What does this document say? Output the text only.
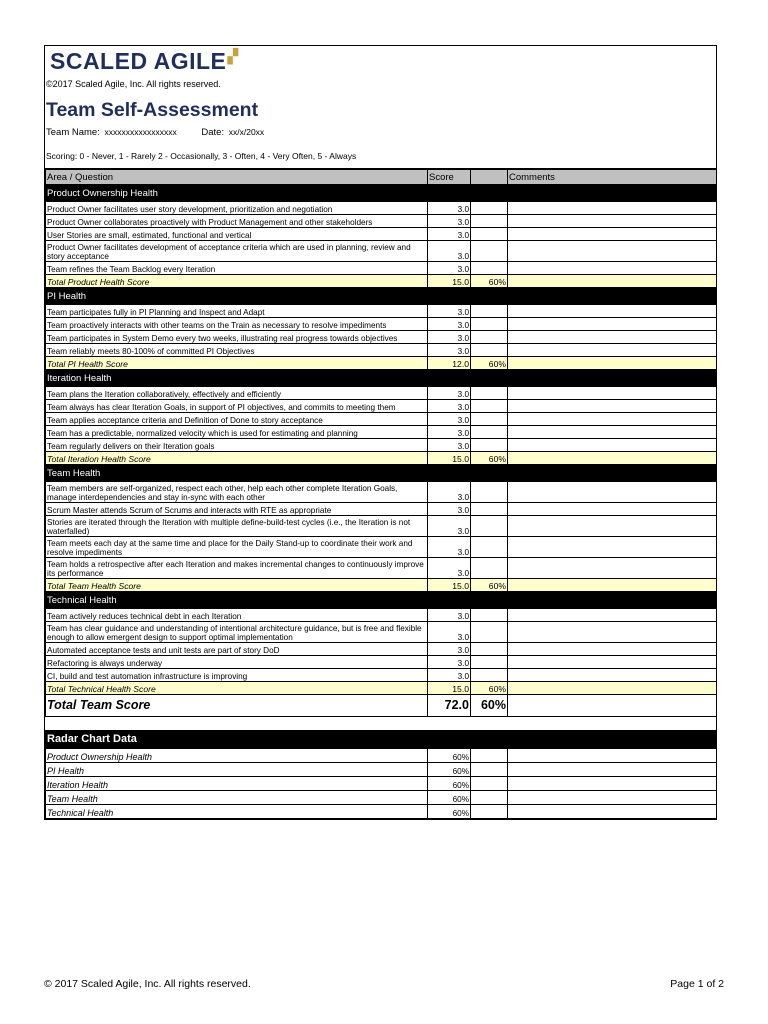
SCALED AGILE▞
©2017 Scaled Agile, Inc. All rights reserved.
Team Self-Assessment
Team Name: xxxxxxxxxxxxxxxxx	Date: xx/x/20xx
Scoring: 0 - Never, 1 - Rarely 2 - Occasionally, 3 - Often, 4 - Very Often, 5 - Always
Area / Question	Score		Comments
Product Ownership Health			
Product Owner facilitates user story development, prioritization and negotiation	3.0		
Product Owner collaborates proactively with Product Management and other stakeholders	3.0		
User Stories are small, estimated, functional and vertical	3.0		
Product Owner facilitates development of acceptance criteria which are used in planning, review and story acceptance	3.0		
Team refines the Team Backlog every Iteration	3.0		
Total Product Health Score	15.0	60%	
PI Health			
Team participates fully in PI Planning and Inspect and Adapt	3.0		
Team proactively interacts with other teams on the Train as necessary to resolve impediments	3.0		
Team participates in System Demo every two weeks, illustrating real progress towards objectives	3.0		
Team reliably meets 80-100% of committed PI Objectives	3.0		
Total PI Health Score	12.0	60%	
Iteration Health			
Team plans the Iteration collaboratively, effectively and efficiently	3.0		
Team always has clear Iteration Goals, in support of PI objectives, and commits to meeting them	3.0		
Team applies acceptance criteria and Definition of Done to story acceptance	3.0		
Team has a predictable, normalized velocity which is used for estimating and planning	3.0		
Team regularly delivers on their Iteration goals	3.0		
Total Iteration Health Score	15.0	60%	
Team Health			
Team members are self-organized, respect each other, help each other complete Iteration Goals, manage interdependencies and stay in-sync with each other	3.0		
Scrum Master attends Scrum of Scrums and interacts with RTE as appropriate	3.0		
Stories are iterated through the Iteration with multiple define-build-test cycles (i.e., the Iteration is not waterfalled)	3.0		
Team meets each day at the same time and place for the Daily Stand-up to coordinate their work and resolve impediments	3.0		
Team holds a retrospective after each Iteration and makes incremental changes to continuously improve its performance	3.0		
Total Team Health Score	15.0	60%	
Technical Health			
Team actively reduces technical debt in each Iteration	3.0		
Team has clear guidance and understanding of intentional architecture guidance, but is free and flexible enough to allow emergent design to support optimal implementation	3.0		
Automated acceptance tests and unit tests are part of story DoD	3.0		
Refactoring is always underway	3.0		
CI, build and test automation infrastructure is improving	3.0		
Total Technical Health Score	15.0	60%	
Total Team Score	72.0	60%	

Radar Chart Data			
Product Ownership Health	60%		
PI Health	60%		
Iteration Health	60%		
Team Health	60%		
Technical Health	60%		
© 2017 Scaled Agile, Inc. All rights reserved.	Page 1 of 2
